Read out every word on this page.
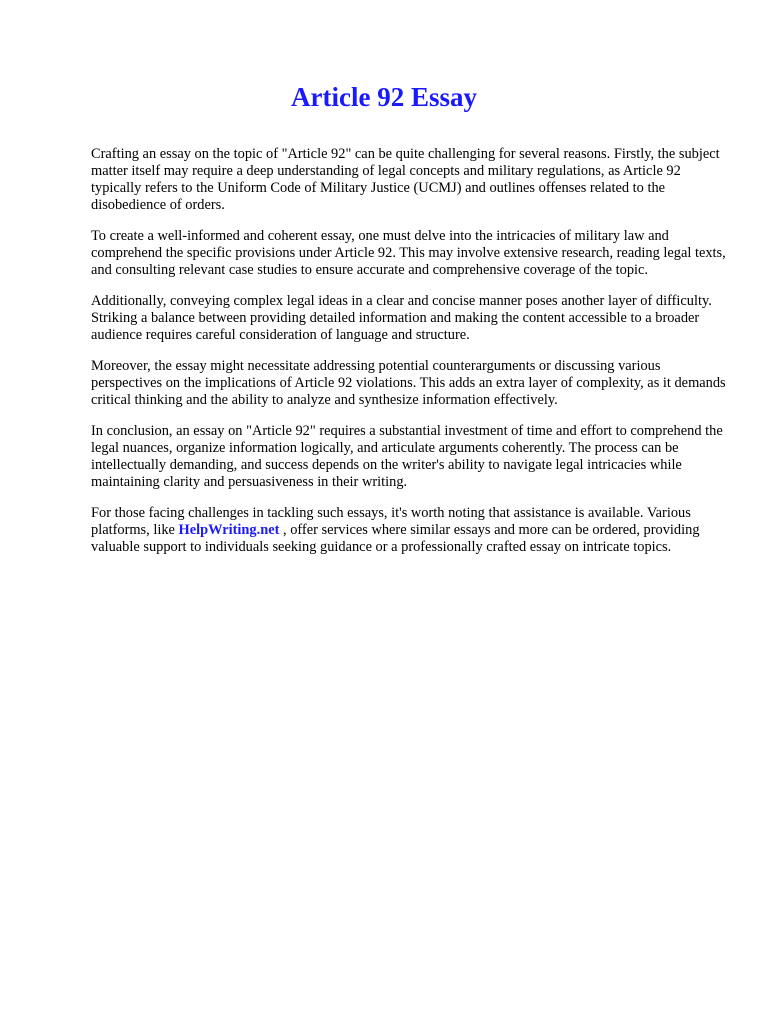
Article 92 Essay

Crafting an essay on the topic of "Article 92" can be quite challenging for several reasons. Firstly, the subject matter itself may require a deep understanding of legal concepts and military regulations, as Article 92 typically refers to the Uniform Code of Military Justice (UCMJ) and outlines offenses related to the disobedience of orders.

To create a well-informed and coherent essay, one must delve into the intricacies of military law and comprehend the specific provisions under Article 92. This may involve extensive research, reading legal texts, and consulting relevant case studies to ensure accurate and comprehensive coverage of the topic.

Additionally, conveying complex legal ideas in a clear and concise manner poses another layer of difficulty. Striking a balance between providing detailed information and making the content accessible to a broader audience requires careful consideration of language and structure.

Moreover, the essay might necessitate addressing potential counterarguments or discussing various perspectives on the implications of Article 92 violations. This adds an extra layer of complexity, as it demands critical thinking and the ability to analyze and synthesize information effectively.

In conclusion, an essay on "Article 92" requires a substantial investment of time and effort to comprehend the legal nuances, organize information logically, and articulate arguments coherently. The process can be intellectually demanding, and success depends on the writer's ability to navigate legal intricacies while maintaining clarity and persuasiveness in their writing.

For those facing challenges in tackling such essays, it's worth noting that assistance is available. Various platforms, like HelpWriting.net , offer services where similar essays and more can be ordered, providing valuable support to individuals seeking guidance or a professionally crafted essay on intricate topics.
